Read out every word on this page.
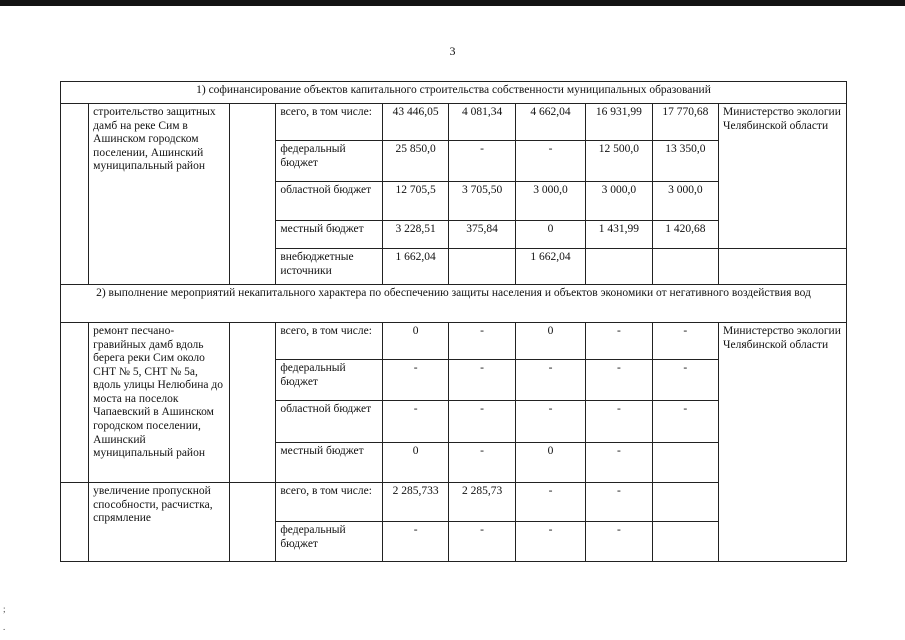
3
1) софинансирование объектов капитального строительства собственности муниципальных образований									
	строительство защитных дамб на реке Сим в Ашинском городском поселении, Ашинский муниципальный район		всего, в том числе:	43 446,05	4 081,34	4 662,04	16 931,99	17 770,68	Министерство экологии Челябинской области
			федеральный бюджет	25 850,0	-	-	12 500,0	13 350,0	
			областной бюджет	12 705,5	3 705,50	3 000,0	3 000,0	3 000,0	
			местный бюджет	3 228,51	375,84	0	1 431,99	1 420,68	
			внебюджетные источники	1 662,04		1 662,04			
2) выполнение мероприятий некапитального характера по обеспечению защиты населения и объектов экономики от негативного воздействия вод									
	ремонт песчано-гравийных дамб вдоль берега реки Сим около СНТ № 5, СНТ № 5а, вдоль улицы Нелюбина до моста на поселок Чапаевский в Ашинском городском поселении, Ашинский муниципальный район		всего, в том числе:	0	-	0	-	-	Министерство экологии Челябинской области
			федеральный бюджет	-	-	-	-	-	
			областной бюджет	-	-	-	-	-	
			местный бюджет	0	-	0	-		
	увеличение пропускной способности, расчистка, спрямление		всего, в том числе:	2 285,733	2 285,73	-	-		
			федеральный бюджет	-	-	-	-		
;
.
